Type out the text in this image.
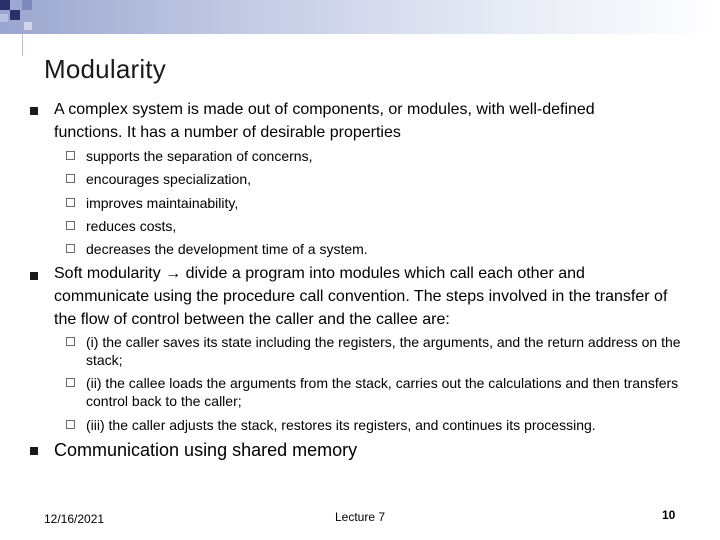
Modularity
A complex system is made out of components, or modules, with well-defined functions. It has a number of desirable properties
supports the separation of concerns,
encourages specialization,
improves maintainability,
reduces costs,
decreases the development time of a system.
Soft modularity → divide a program into modules which call each other and communicate using the procedure call convention. The steps involved in the transfer of the flow of control between the caller and the callee are:
(i) the caller saves its state including the registers, the arguments, and the return address on the stack;
(ii) the callee loads the arguments from the stack, carries out the calculations and then transfers control back to the caller;
(iii) the caller adjusts the stack, restores its registers, and continues its processing.
Communication using shared memory
12/16/2021	Lecture 7	10
